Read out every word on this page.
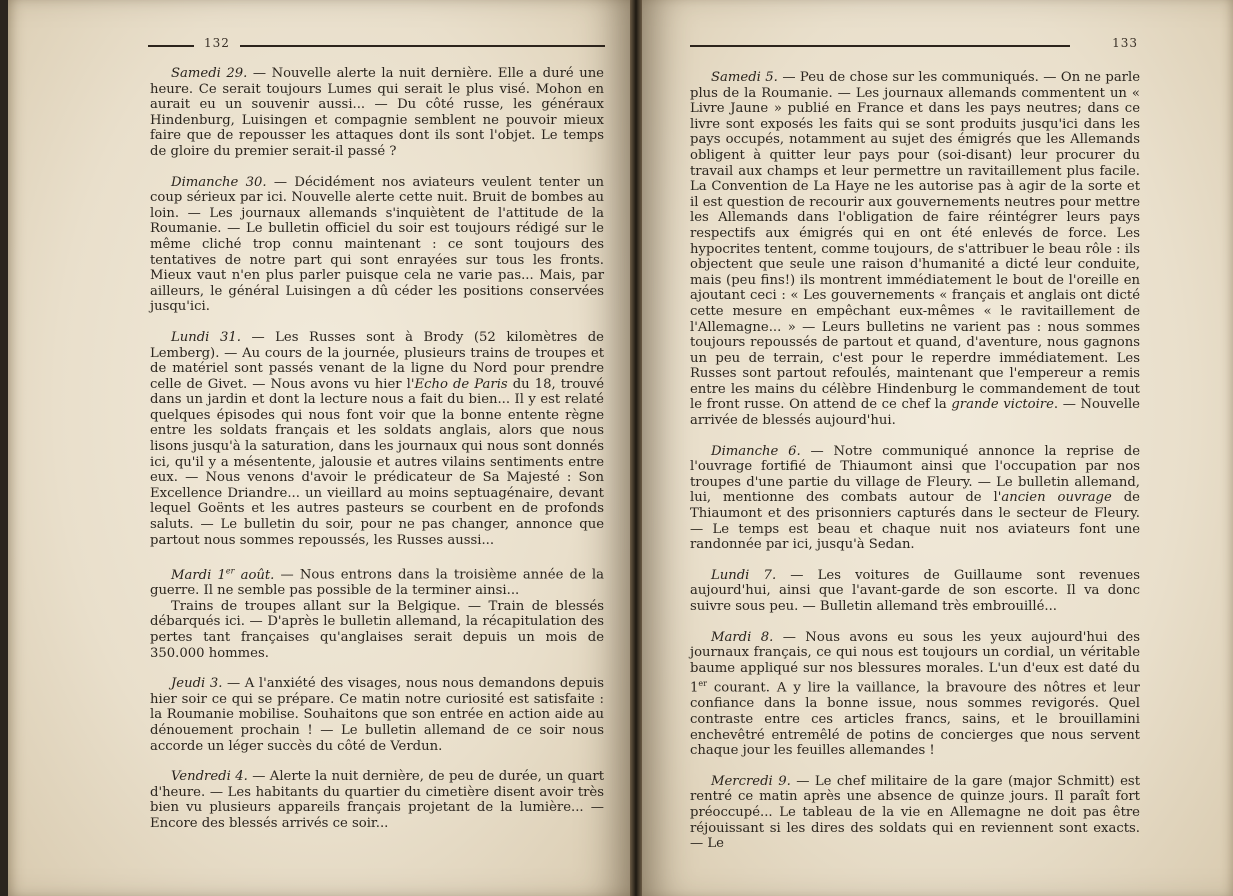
132
Samedi 29. — Nouvelle alerte la nuit dernière. Elle a duré une heure. Ce serait toujours Lumes qui serait le plus visé. Mohon en aurait eu un souvenir aussi... — Du côté russe, les généraux Hindenburg, Luisingen et compagnie semblent ne pouvoir mieux faire que de repousser les attaques dont ils sont l'objet. Le temps de gloire du premier serait-il passé ?
Dimanche 30. — Décidément nos aviateurs veulent tenter un coup sérieux par ici. Nouvelle alerte cette nuit. Bruit de bombes au loin. — Les journaux allemands s'inquiètent de l'attitude de la Roumanie. — Le bulletin officiel du soir est toujours rédigé sur le même cliché trop connu maintenant : ce sont toujours des tentatives de notre part qui sont enrayées sur tous les fronts. Mieux vaut n'en plus parler puisque cela ne varie pas... Mais, par ailleurs, le général Luisingen a dû céder les positions conservées jusqu'ici.
Lundi 31. — Les Russes sont à Brody (52 kilomètres de Lemberg). — Au cours de la journée, plusieurs trains de troupes et de matériel sont passés venant de la ligne du Nord pour prendre celle de Givet. — Nous avons vu hier l'Echo de Paris du 18, trouvé dans un jardin et dont la lecture nous a fait du bien... Il y est relaté quelques épisodes qui nous font voir que la bonne entente règne entre les soldats français et les soldats anglais, alors que nous lisons jusqu'à la saturation, dans les journaux qui nous sont donnés ici, qu'il y a mésentente, jalousie et autres vilains sentiments entre eux. — Nous venons d'avoir le prédicateur de Sa Majesté : Son Excellence Driandre... un vieillard au moins septuagénaire, devant lequel Goënts et les autres pasteurs se courbent en de profonds saluts. — Le bulletin du soir, pour ne pas changer, annonce que partout nous sommes repoussés, les Russes aussi...

Mardi 1er août. — Nous entrons dans la troisième année de la guerre. Il ne semble pas possible de la terminer ainsi...

Trains de troupes allant sur la Belgique. — Train de blessés débarqués ici. — D'après le bulletin allemand, la récapitulation des pertes tant françaises qu'anglaises serait depuis un mois de 350.000 hommes.

Jeudi 3. — A l'anxiété des visages, nous nous demandons depuis hier soir ce qui se prépare. Ce matin notre curiosité est satisfaite : la Roumanie mobilise. Souhaitons que son entrée en action aide au dénouement prochain ! — Le bulletin allemand de ce soir nous accorde un léger succès du côté de Verdun.
Vendredi 4. — Alerte la nuit dernière, de peu de durée, un quart d'heure. — Les habitants du quartier du cimetière disent avoir très bien vu plusieurs appareils français projetant de la lumière... — Encore des blessés arrivés ce soir...
133
Samedi 5. — Peu de chose sur les communiqués. — On ne parle plus de la Roumanie. — Les journaux allemands commentent un « Livre Jaune » publié en France et dans les pays neutres; dans ce livre sont exposés les faits qui se sont produits jusqu'ici dans les pays occupés, notamment au sujet des émigrés que les Allemands obligent à quitter leur pays pour (soi-disant) leur procurer du travail aux champs et leur permettre un ravitaillement plus facile. La Convention de La Haye ne les autorise pas à agir de la sorte et il est question de recourir aux gouvernements neutres pour mettre les Allemands dans l'obligation de faire réintégrer leurs pays respectifs aux émigrés qui en ont été enlevés de force. Les hypocrites tentent, comme toujours, de s'attribuer le beau rôle : ils objectent que seule une raison d'humanité a dicté leur conduite, mais (peu fins!) ils montrent immédiatement le bout de l'oreille en ajoutant ceci : « Les gouvernements « français et anglais ont dicté cette mesure en empêchant eux-mêmes « le ravitaillement de l'Allemagne... » — Leurs bulletins ne varient pas : nous sommes toujours repoussés de partout et quand, d'aventure, nous gagnons un peu de terrain, c'est pour le reperdre immédiatement. Les Russes sont partout refoulés, maintenant que l'empereur a remis entre les mains du célèbre Hindenburg le commandement de tout le front russe. On attend de ce chef la grande victoire. — Nouvelle arrivée de blessés aujourd'hui.
Dimanche 6. — Notre communiqué annonce la reprise de l'ouvrage fortifié de Thiaumont ainsi que l'occupation par nos troupes d'une partie du village de Fleury. — Le bulletin allemand, lui, mentionne des combats autour de l'ancien ouvrage de Thiaumont et des prisonniers capturés dans le secteur de Fleury. — Le temps est beau et chaque nuit nos aviateurs font une randonnée par ici, jusqu'à Sedan.
Lundi 7. — Les voitures de Guillaume sont revenues aujourd'hui, ainsi que l'avant-garde de son escorte. Il va donc suivre sous peu. — Bulletin allemand très embrouillé...
Mardi 8. — Nous avons eu sous les yeux aujourd'hui des journaux français, ce qui nous est toujours un cordial, un véritable baume appliqué sur nos blessures morales. L'un d'eux est daté du 1er courant. A y lire la vaillance, la bravoure des nôtres et leur confiance dans la bonne issue, nous sommes revigorés. Quel contraste entre ces articles francs, sains, et le brouillamini enchevêtré entremêlé de potins de concierges que nous servent chaque jour les feuilles allemandes !
Mercredi 9. — Le chef militaire de la gare (major Schmitt) est rentré ce matin après une absence de quinze jours. Il paraît fort préoccupé... Le tableau de la vie en Allemagne ne doit pas être réjouissant si les dires des soldats qui en reviennent sont exacts. — Le
